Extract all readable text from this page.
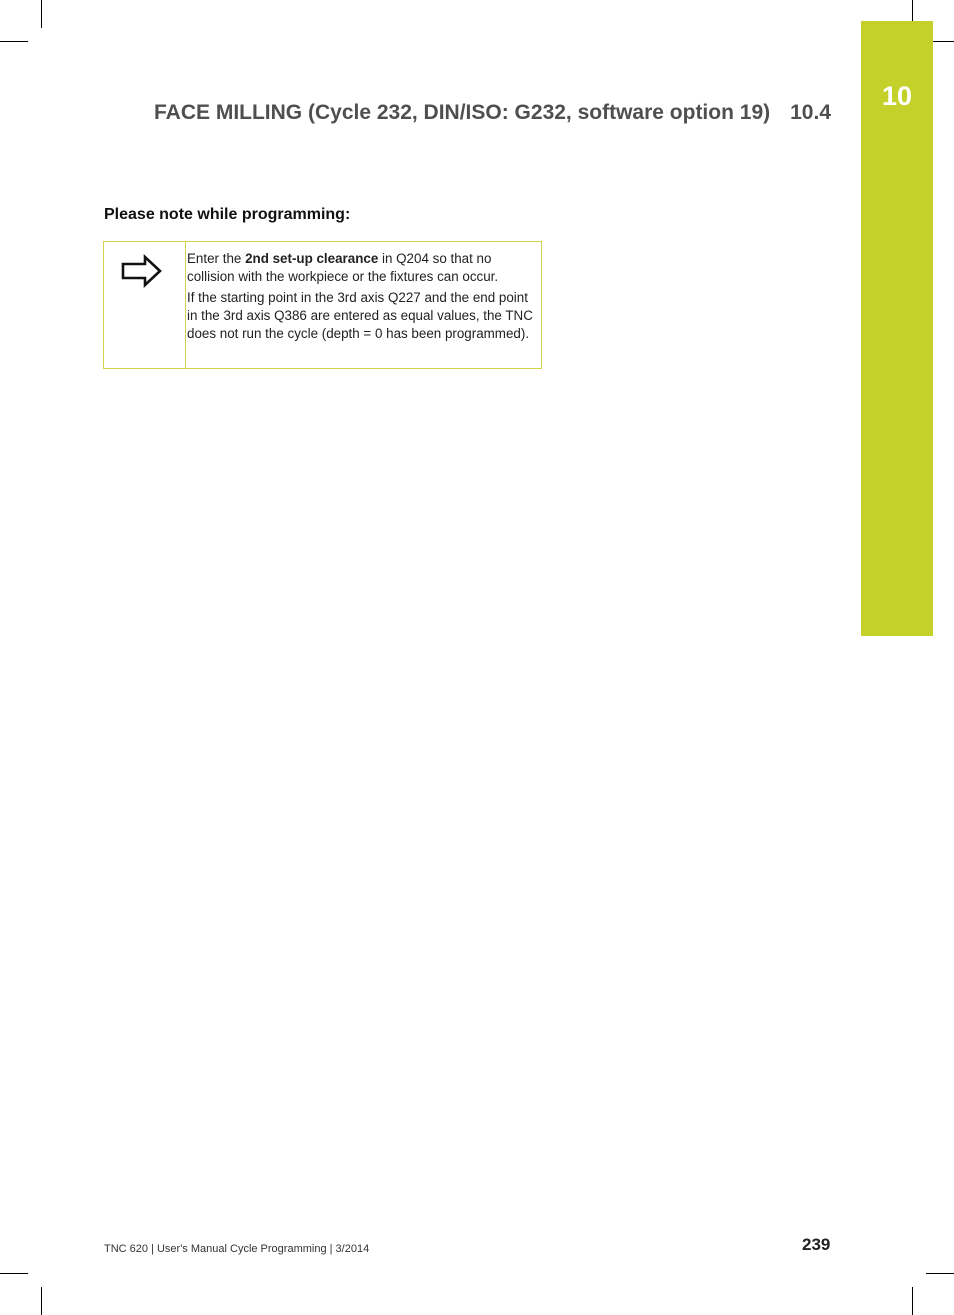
10
FACE MILLING (Cycle 232, DIN/ISO: G232, software option 19) 10.4
Please note while programming:

Enter the 2nd set-up clearance in Q204 so that no collision with the workpiece or the fixtures can occur.

If the starting point in the 3rd axis Q227 and the end point in the 3rd axis Q386 are entered as equal values, the TNC does not run the cycle (depth = 0 has been programmed).

TNC 620 | User's Manual Cycle Programming | 3/2014	239
